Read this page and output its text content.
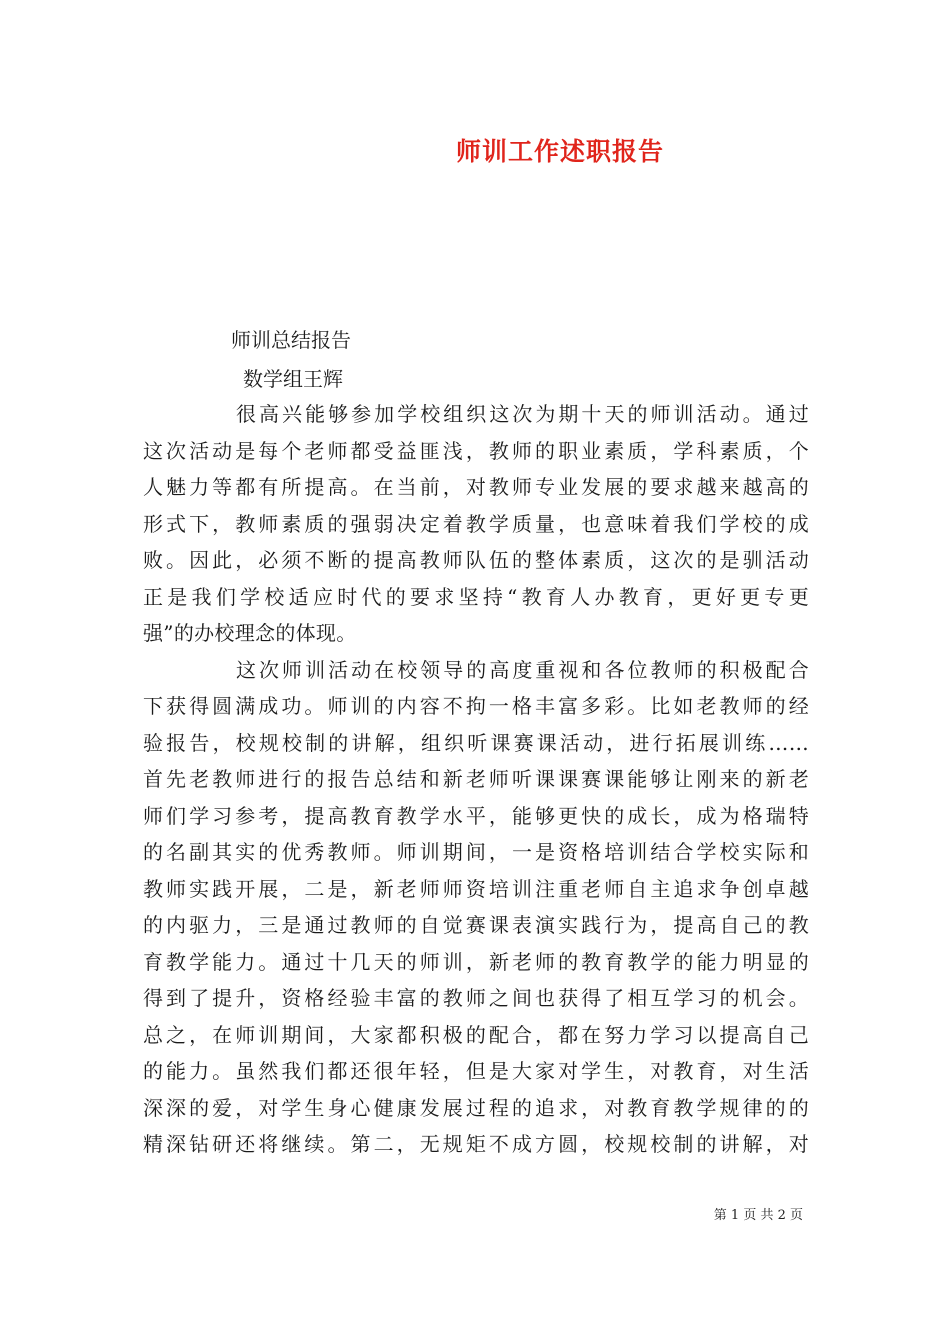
师训工作述职报告

师训总结报告

数学组王辉

很高兴能够参加学校组织这次为期十天的师训活动。通过

这次活动是每个老师都受益匪浅，教师的职业素质，学科素质，个

人魅力等都有所提高。在当前，对教师专业发展的要求越来越高的

形式下，教师素质的强弱决定着教学质量，也意味着我们学校的成

败。因此，必须不断的提高教师队伍的整体素质，这次的是驯活动

正是我们学校适应时代的要求坚持“教育人办教育，更好更专更

强”的办校理念的体现。

这次师训活动在校领导的高度重视和各位教师的积极配合

下获得圆满成功。师训的内容不拘一格丰富多彩。比如老教师的经

验报告，校规校制的讲解，组织听课赛课活动，进行拓展训练……

首先老教师进行的报告总结和新老师听课课赛课能够让刚来的新老

师们学习参考，提高教育教学水平，能够更快的成长，成为格瑞特

的名副其实的优秀教师。师训期间，一是资格培训结合学校实际和

教师实践开展，二是，新老师师资培训注重老师自主追求争创卓越

的内驱力，三是通过教师的自觉赛课表演实践行为，提高自己的教

育教学能力。通过十几天的师训，新老师的教育教学的能力明显的

得到了提升，资格经验丰富的教师之间也获得了相互学习的机会。

总之，在师训期间，大家都积极的配合，都在努力学习以提高自己

的能力。虽然我们都还很年轻，但是大家对学生，对教育，对生活

深深的爱，对学生身心健康发展过程的追求，对教育教学规律的的

精深钻研还将继续。第二，无规矩不成方圆，校规校制的讲解，对

第 1 页 共 2 页
